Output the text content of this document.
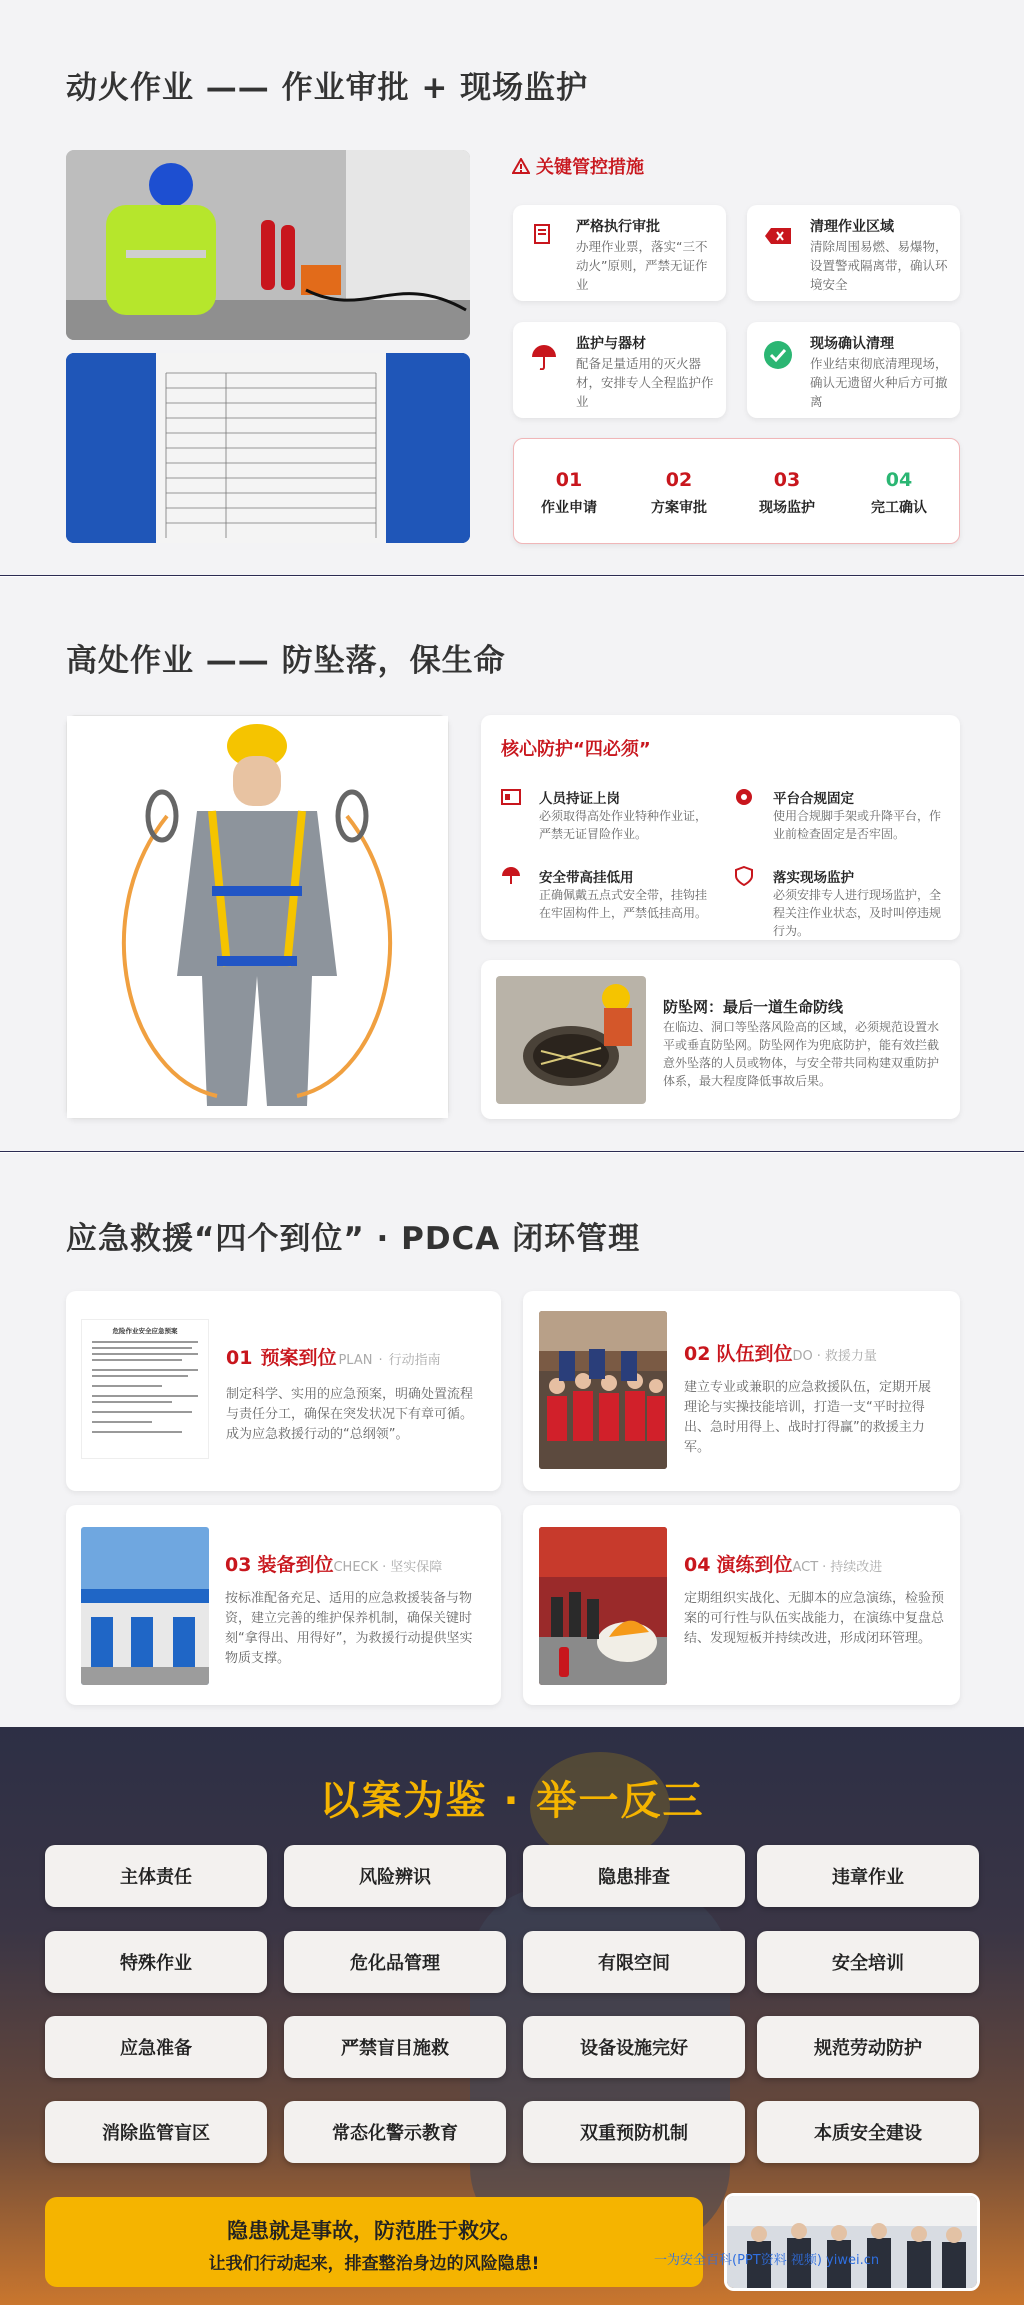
动火作业 —— 作业审批 + 现场监护
关键管控措施
严格执行审批
办理作业票，落实“三不动火”原则，严禁无证作业
清理作业区域
清除周围易燃、易爆物，设置警戒隔离带，确认环境安全
监护与器材
配备足量适用的灭火器材，安排专人全程监护作业
现场确认清理
作业结束彻底清理现场，确认无遗留火种后方可撤离
01
作业申请
02
方案审批
03
现场监护
04
完工确认
高处作业 —— 防坠落，保生命
核心防护“四必须”
人员持证上岗
必须取得高处作业特种作业证，严禁无证冒险作业。
平台合规固定
使用合规脚手架或升降平台，作业前检查固定是否牢固。
安全带高挂低用
正确佩戴五点式安全带，挂钩挂在牢固构件上，严禁低挂高用。
落实现场监护
必须安排专人进行现场监护，全程关注作业状态，及时叫停违规行为。
防坠网：最后一道生命防线
在临边、洞口等坠落风险高的区域，必须规范设置水平或垂直防坠网。防坠网作为兜底防护，能有效拦截意外坠落的人员或物体，与安全带共同构建双重防护体系，最大程度降低事故后果。
应急救援“四个到位” · PDCA 闭环管理
危险作业安全应急预案
01 预案到位 PLAN · 行动指南
制定科学、实用的应急预案，明确处置流程与责任分工，确保在突发状况下有章可循。成为应急救援行动的“总纲领”。
02 队伍到位 DO · 救援力量
建立专业或兼职的应急救援队伍，定期开展理论与实操技能培训，打造一支“平时拉得出、急时用得上、战时打得赢”的救援主力军。
03 装备到位 CHECK · 坚实保障
按标准配备充足、适用的应急救援装备与物资，建立完善的维护保养机制，确保关键时刻“拿得出、用得好”，为救援行动提供坚实物质支撑。
04 演练到位 ACT · 持续改进
定期组织实战化、无脚本的应急演练，检验预案的可行性与队伍实战能力，在演练中复盘总结、发现短板并持续改进，形成闭环管理。
以案为鉴 · 举一反三
主体责任	风险辨识	隐患排查	违章作业
特殊作业	危化品管理	有限空间	安全培训
应急准备	严禁盲目施救	设备设施完好	规范劳动防护
消除监管盲区	常态化警示教育	双重预防机制	本质安全建设
隐患就是事故，防范胜于救灾。
让我们行动起来，排查整治身边的风险隐患!	一为安全百科(PPT资料 视频) yiwei.cn
